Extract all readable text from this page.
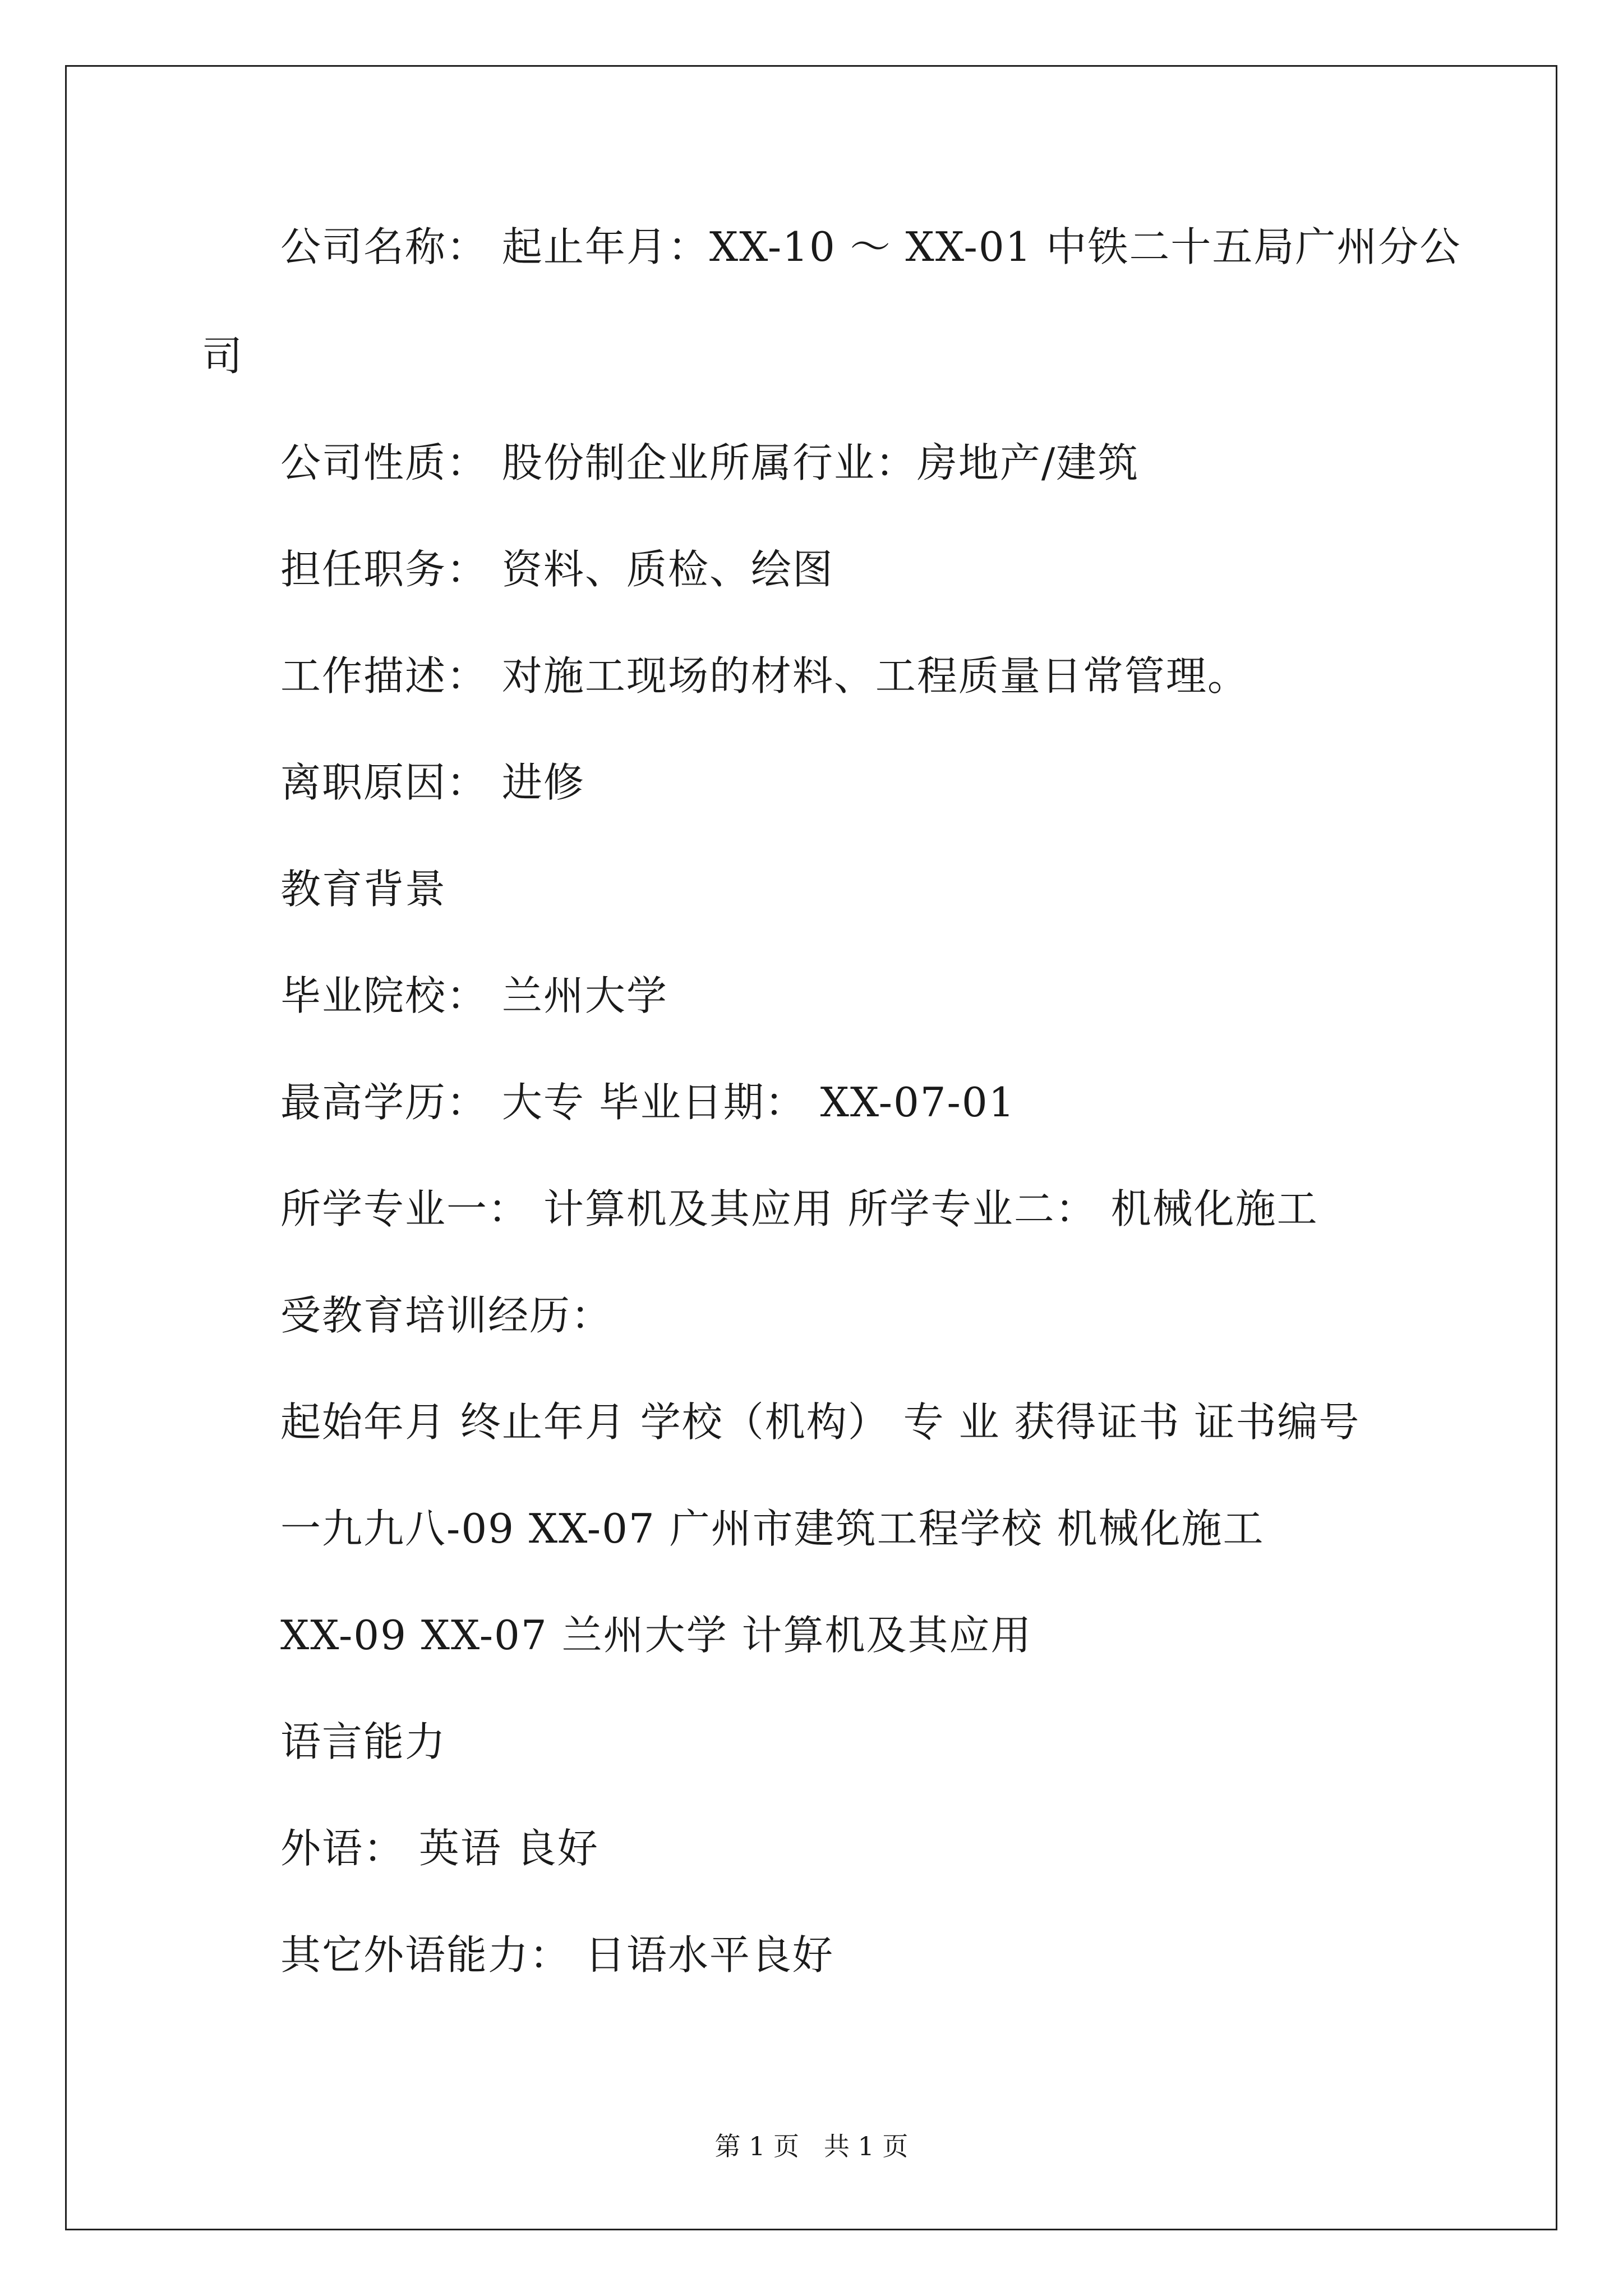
公司名称： 起止年月：XX-10 ～ XX-01 中铁二十五局广州分公
司
公司性质： 股份制企业所属行业：房地产/建筑
担任职务： 资料、质检、绘图
工作描述： 对施工现场的材料、工程质量日常管理。
离职原因： 进修
教育背景
毕业院校： 兰州大学
最高学历： 大专 毕业日期： XX-07-01
所学专业一： 计算机及其应用 所学专业二： 机械化施工
受教育培训经历：
起始年月 终止年月 学校（机构） 专 业 获得证书 证书编号
一九九八-09 XX-07 广州市建筑工程学校 机械化施工
XX-09 XX-07 兰州大学 计算机及其应用
语言能力
外语： 英语 良好
其它外语能力： 日语水平良好
第 1 页   共 1 页
